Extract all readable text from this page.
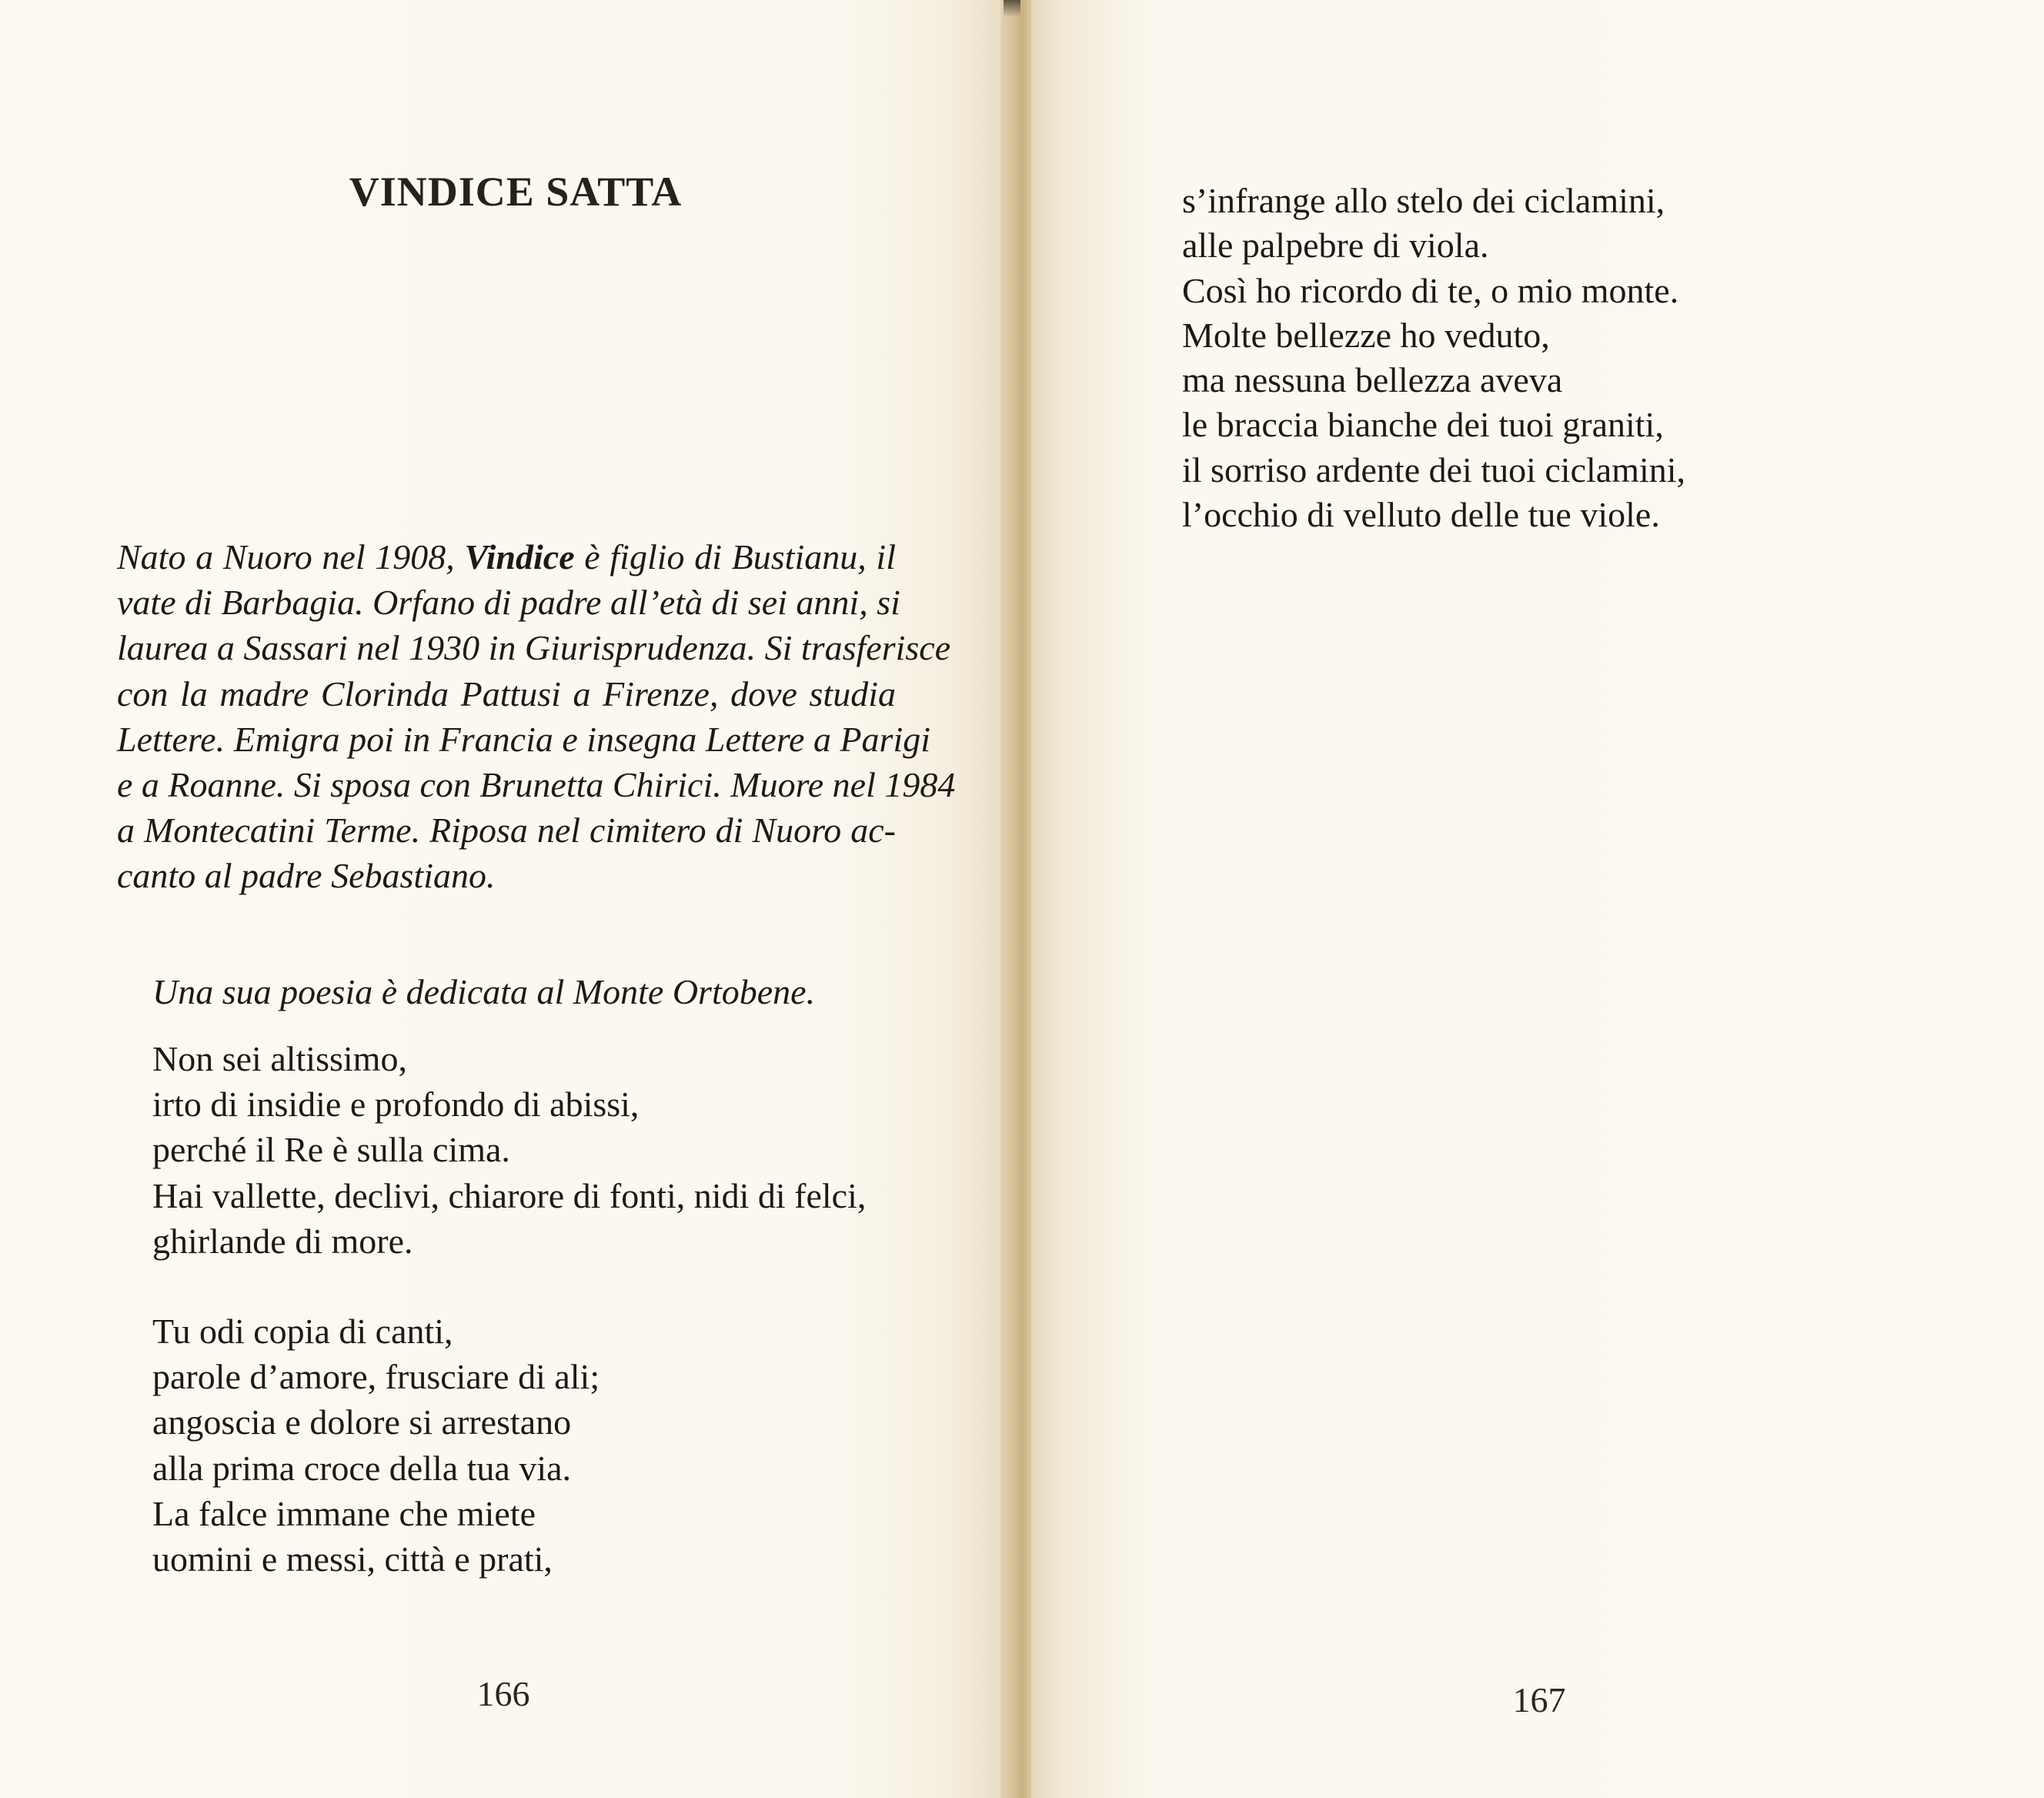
VINDICE SATTA
Nato a Nuoro nel 1908, Vindice è figlio di Bustianu, il
vate di Barbagia. Orfano di padre all’età di sei anni, si
laurea a Sassari nel 1930 in Giurisprudenza. Si trasferisce
con la madre Clorinda Pattusi a Firenze, dove studia
Lettere. Emigra poi in Francia e insegna Lettere a Parigi
e a Roanne. Si sposa con Brunetta Chirici. Muore nel 1984
a Montecatini Terme. Riposa nel cimitero di Nuoro ac-
canto al padre Sebastiano.
Una sua poesia è dedicata al Monte Ortobene.
Non sei altissimo,
irto di insidie e profondo di abissi,
perché il Re è sulla cima.
Hai vallette, declivi, chiarore di fonti, nidi di felci,
ghirlande di more.
Tu odi copia di canti,
parole d’amore, frusciare di ali;
angoscia e dolore si arrestano
alla prima croce della tua via.
La falce immane che miete
uomini e messi, città e prati,
166	167
s’infrange allo stelo dei ciclamini,
alle palpebre di viola.
Così ho ricordo di te, o mio monte.
Molte bellezze ho veduto,
ma nessuna bellezza aveva
le braccia bianche dei tuoi graniti,
il sorriso ardente dei tuoi ciclamini,
l’occhio di velluto delle tue viole.
